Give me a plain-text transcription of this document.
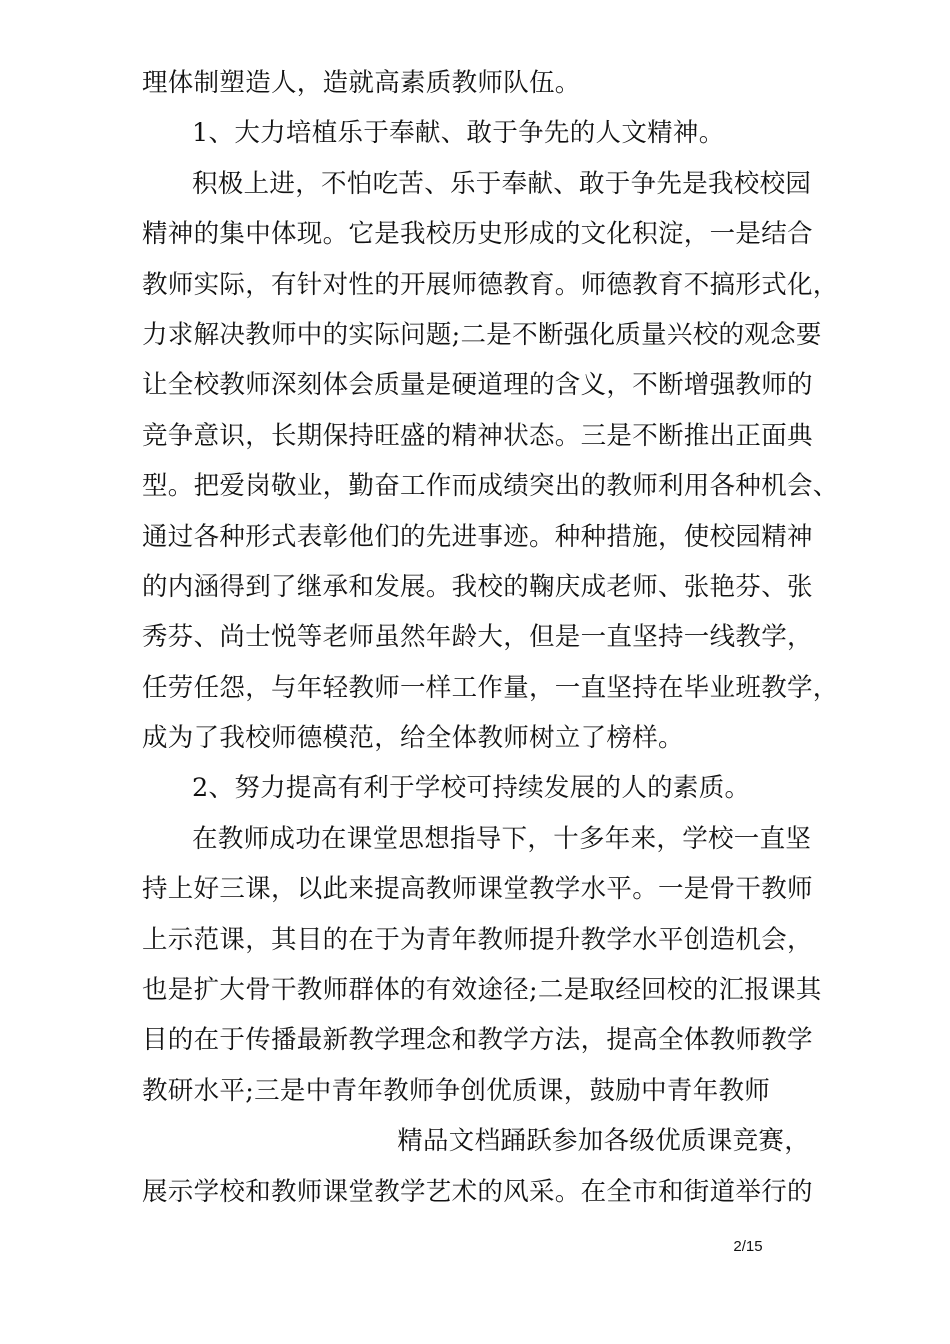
理体制塑造人，造就高素质教师队伍。
1、大力培植乐于奉献、敢于争先的人文精神。
积极上进，不怕吃苦、乐于奉献、敢于争先是我校校园
精神的集中体现。它是我校历史形成的文化积淀，一是结合
教师实际，有针对性的开展师德教育。师德教育不搞形式化，
力求解决教师中的实际问题;二是不断强化质量兴校的观念要
让全校教师深刻体会质量是硬道理的含义，不断增强教师的
竞争意识，长期保持旺盛的精神状态。三是不断推出正面典
型。把爱岗敬业，勤奋工作而成绩突出的教师利用各种机会、
通过各种形式表彰他们的先进事迹。种种措施，使校园精神
的内涵得到了继承和发展。我校的鞠庆成老师、张艳芬、张
秀芬、尚士悦等老师虽然年龄大，但是一直坚持一线教学，
任劳任怨，与年轻教师一样工作量，一直坚持在毕业班教学，
成为了我校师德模范，给全体教师树立了榜样。
2、努力提高有利于学校可持续发展的人的素质。
在教师成功在课堂思想指导下，十多年来，学校一直坚
持上好三课，以此来提高教师课堂教学水平。一是骨干教师
上示范课，其目的在于为青年教师提升教学水平创造机会，
也是扩大骨干教师群体的有效途径;二是取经回校的汇报课其
目的在于传播最新教学理念和教学方法，提高全体教师教学
教研水平;三是中青年教师争创优质课，鼓励中青年教师
精品文档踊跃参加各级优质课竞赛，
展示学校和教师课堂教学艺术的风采。在全市和街道举行的
2/15
